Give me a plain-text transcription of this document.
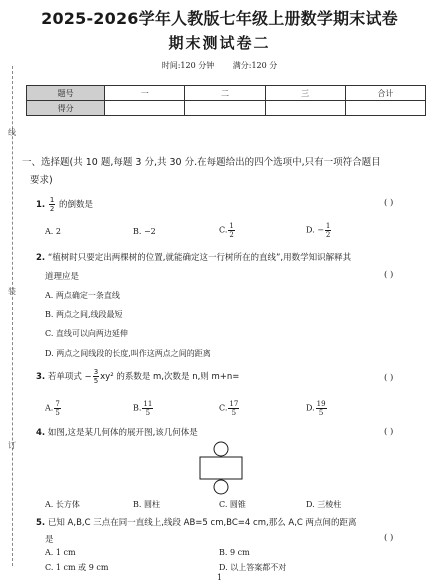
2025-2026学年人教版七年级上册数学期末试卷
期末测试卷二
时间:120 分钟 满分:120 分
题号	一	二	三	合计
得分				
线
装
订
一、选择题(共 10 题,每题 3 分,共 30 分.在每题给出的四个选项中,只有一项符合题目
要求)
1. $\frac{1}{2}$ 的倒数是	( )
A. 2	B. −2	C. $\frac{1}{2}$	D. − $\frac{1}{2}$
2. “植树时只要定出两棵树的位置,就能确定这一行树所在的直线”,用数学知识解释其
道理应是	( )
A. 两点确定一条直线
B. 两点之间,线段最短
C. 直线可以向两边延伸
D. 两点之间线段的长度,叫作这两点之间的距离
3. 若单项式 − $\frac{3}{5} xy^2$ 的系数是 m,次数是 n,则 m+n=	( )
A. $\frac{7}{5}$	B. $\frac{11}{5}$	C. $\frac{17}{5}$	D. $\frac{19}{5}$
4. 如图,这是某几何体的展开图,该几何体是	( )
A. 长方体	B. 圆柱	C. 圆锥	D. 三棱柱
5. 已知 A,B,C 三点在同一直线上,线段 AB=5 cm,BC=4 cm,那么 A,C 两点间的距离
是	( )
A. 1 cm	B. 9 cm
C. 1 cm 或 9 cm	D. 以上答案都不对
1
